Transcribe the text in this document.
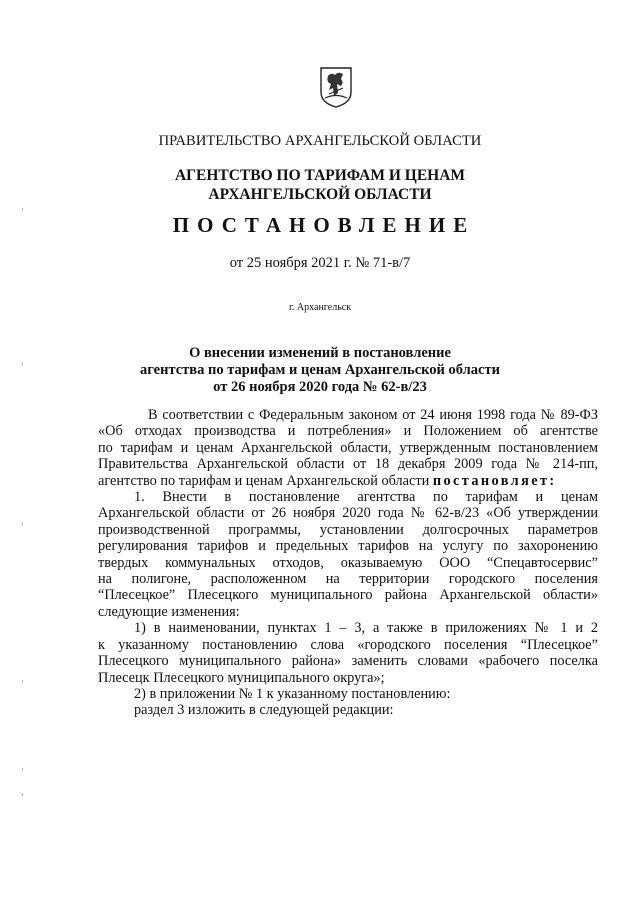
ПРАВИТЕЛЬСТВО АРХАНГЕЛЬСКОЙ ОБЛАСТИ
АГЕНТСТВО ПО ТАРИФАМ И ЦЕНАМ
АРХАНГЕЛЬСКОЙ ОБЛАСТИ
ПОСТАНОВЛЕНИЕ
от 25 ноября 2021 г. № 71-в/7
г. Архангельск
О внесении изменений в постановление
агентства по тарифам и ценам Архангельской области
от 26 ноября 2020 года № 62-в/23
В соответствии с Федеральным законом от 24 июня 1998 года № 89-ФЗ
«Об отходах производства и потребления» и Положением об агентстве
по тарифам и ценам Архангельской области, утвержденным постановлением
Правительства Архангельской области от 18 декабря 2009 года № 214-пп,
агентство по тарифам и ценам Архангельской области постановляет:
1. Внести в постановление агентства по тарифам и ценам
Архангельской области от 26 ноября 2020 года № 62-в/23 «Об утверждении
производственной программы, установлении долгосрочных параметров
регулирования тарифов и предельных тарифов на услугу по захоронению
твердых коммунальных отходов, оказываемую ООО “Спецавтосервис”
на полигоне, расположенном на территории городского поселения
“Плесецкое” Плесецкого муниципального района Архангельской области»
следующие изменения:
1) в наименовании, пунктах 1 – 3, а также в приложениях № 1 и 2
к указанному постановлению слова «городского поселения “Плесецкое”
Плесецкого муниципального района» заменить словами «рабочего поселка
Плесецк Плесецкого муниципального округа»;
2) в приложении № 1 к указанному постановлению:
раздел 3 изложить в следующей редакции:
